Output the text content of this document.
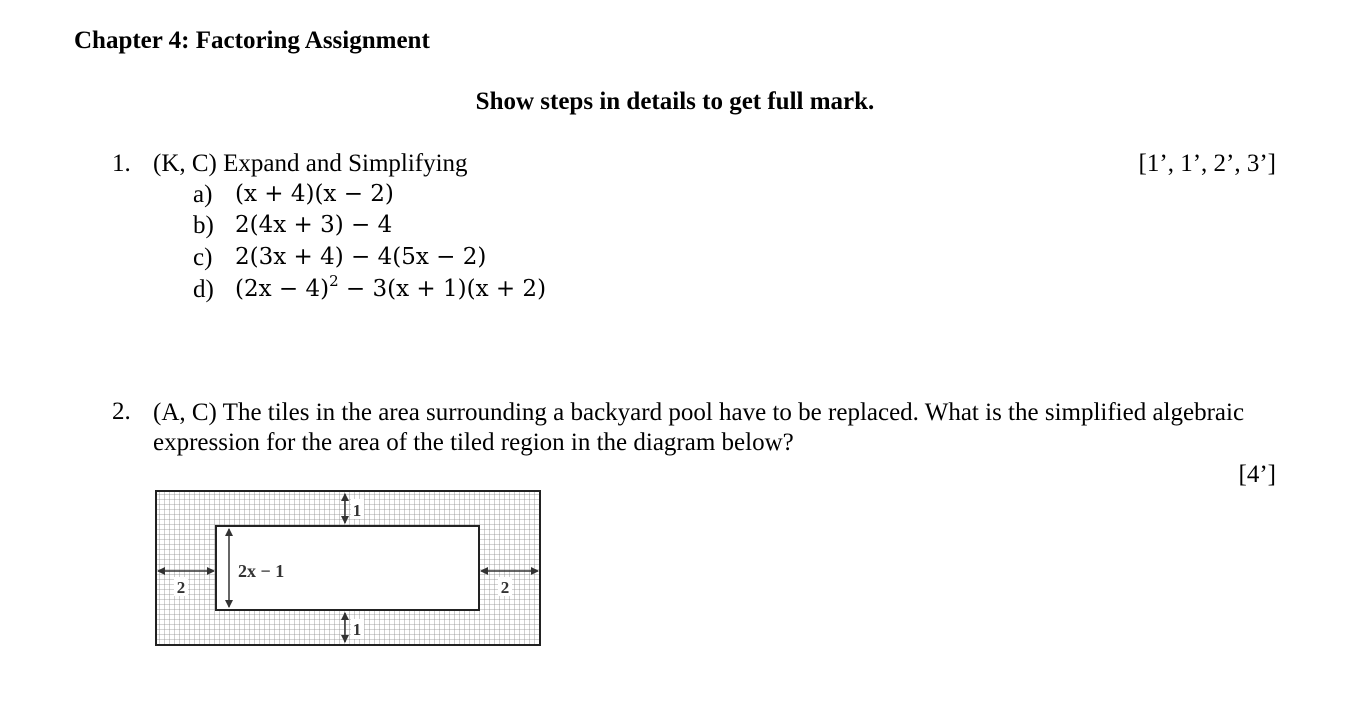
Chapter 4: Factoring Assignment
Show steps in details to get full mark.
1. (K, C) Expand and Simplifying	[1’, 1’, 2’, 3’]
a) (x + 4)(x − 2)
b) 2(4x + 3) − 4
c) 2(3x + 4) − 4(5x − 2)
d) $(2x - 4)^2 - 3(x + 1)(x + 2)$
2. (A, C) The tiles in the area surrounding a backyard pool have to be replaced. What is the simplified algebraic expression for the area of the tiled region in the diagram below?
[4’]
1
1
2	2
2x − 1
